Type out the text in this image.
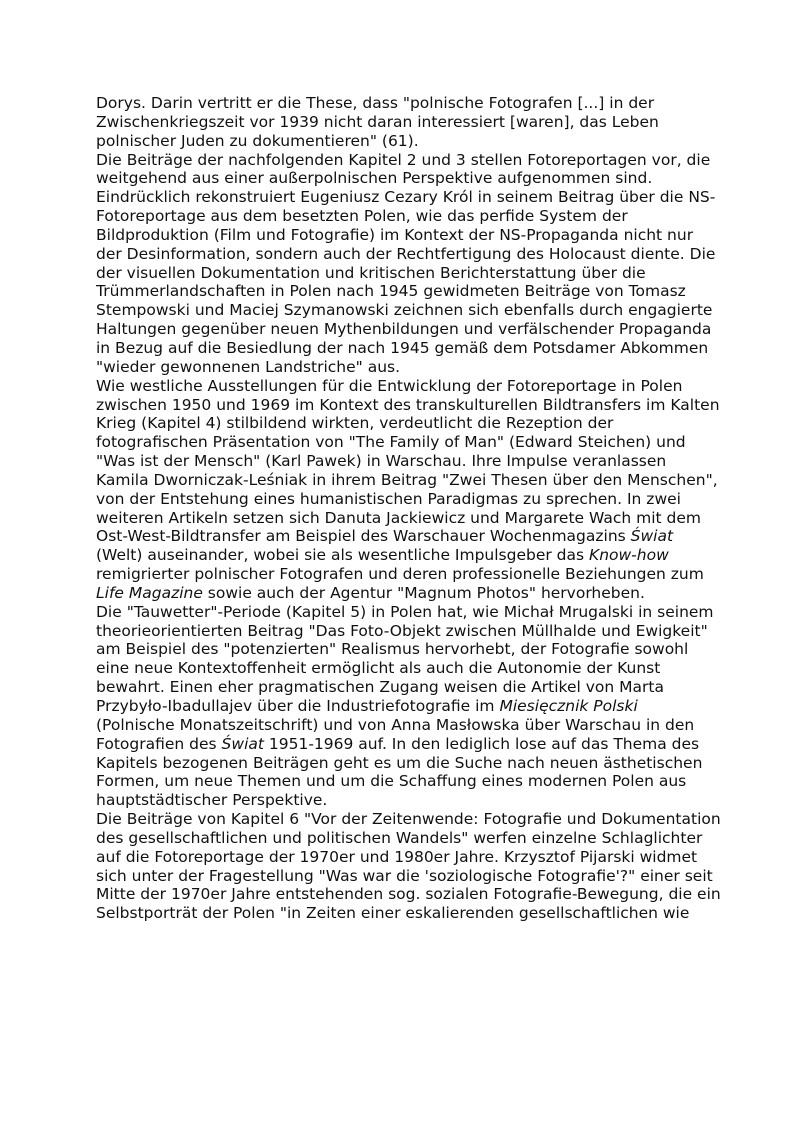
Dorys. Darin vertritt er die These, dass "polnische Fotografen [...] in der Zwischenkriegszeit vor 1939 nicht daran interessiert [waren], das Leben polnischer Juden zu dokumentieren" (61).

Die Beiträge der nachfolgenden Kapitel 2 und 3 stellen Fotoreportagen vor, die weitgehend aus einer außerpolnischen Perspektive aufgenommen sind. Eindrücklich rekonstruiert Eugeniusz Cezary Król in seinem Beitrag über die NS-Fotoreportage aus dem besetzten Polen, wie das perfide System der Bildproduktion (Film und Fotografie) im Kontext der NS-Propaganda nicht nur der Desinformation, sondern auch der Rechtfertigung des Holocaust diente. Die der visuellen Dokumentation und kritischen Berichterstattung über die Trümmerlandschaften in Polen nach 1945 gewidmeten Beiträge von Tomasz Stempowski und Maciej Szymanowski zeichnen sich ebenfalls durch engagierte Haltungen gegenüber neuen Mythenbildungen und verfälschender Propaganda in Bezug auf die Besiedlung der nach 1945 gemäß dem Potsdamer Abkommen "wieder gewonnenen Landstriche" aus.

Wie westliche Ausstellungen für die Entwicklung der Fotoreportage in Polen zwischen 1950 und 1969 im Kontext des transkulturellen Bildtransfers im Kalten Krieg (Kapitel 4) stilbildend wirkten, verdeutlicht die Rezeption der fotografischen Präsentation von "The Family of Man" (Edward Steichen) und "Was ist der Mensch" (Karl Pawek) in Warschau. Ihre Impulse veranlassen Kamila Dworniczak-Leśniak in ihrem Beitrag "Zwei Thesen über den Menschen", von der Entstehung eines humanistischen Paradigmas zu sprechen. In zwei weiteren Artikeln setzen sich Danuta Jackiewicz und Margarete Wach mit dem Ost-West-Bildtransfer am Beispiel des Warschauer Wochenmagazins Świat (Welt) auseinander, wobei sie als wesentliche Impulsgeber das Know-how remigrierter polnischer Fotografen und deren professionelle Beziehungen zum Life Magazine sowie auch der Agentur "Magnum Photos" hervorheben.

Die "Tauwetter"-Periode (Kapitel 5) in Polen hat, wie Michał Mrugalski in seinem theorieorientierten Beitrag "Das Foto-Objekt zwischen Müllhalde und Ewigkeit" am Beispiel des "potenzierten" Realismus hervorhebt, der Fotografie sowohl eine neue Kontextoffenheit ermöglicht als auch die Autonomie der Kunst bewahrt. Einen eher pragmatischen Zugang weisen die Artikel von Marta Przybyło-Ibadullajev über die Industriefotografie im Miesięcznik Polski (Polnische Monatszeitschrift) und von Anna Masłowska über Warschau in den Fotografien des Świat 1951-1969 auf. In den lediglich lose auf das Thema des Kapitels bezogenen Beiträgen geht es um die Suche nach neuen ästhetischen Formen, um neue Themen und um die Schaffung eines modernen Polen aus hauptstädtischer Perspektive.

Die Beiträge von Kapitel 6 "Vor der Zeitenwende: Fotografie und Dokumentation des gesellschaftlichen und politischen Wandels" werfen einzelne Schlaglichter auf die Fotoreportage der 1970er und 1980er Jahre. Krzysztof Pijarski widmet sich unter der Fragestellung "Was war die 'soziologische Fotografie'?" einer seit Mitte der 1970er Jahre entstehenden sog. sozialen Fotografie-Bewegung, die ein Selbstporträt der Polen "in Zeiten einer eskalierenden gesellschaftlichen wie
